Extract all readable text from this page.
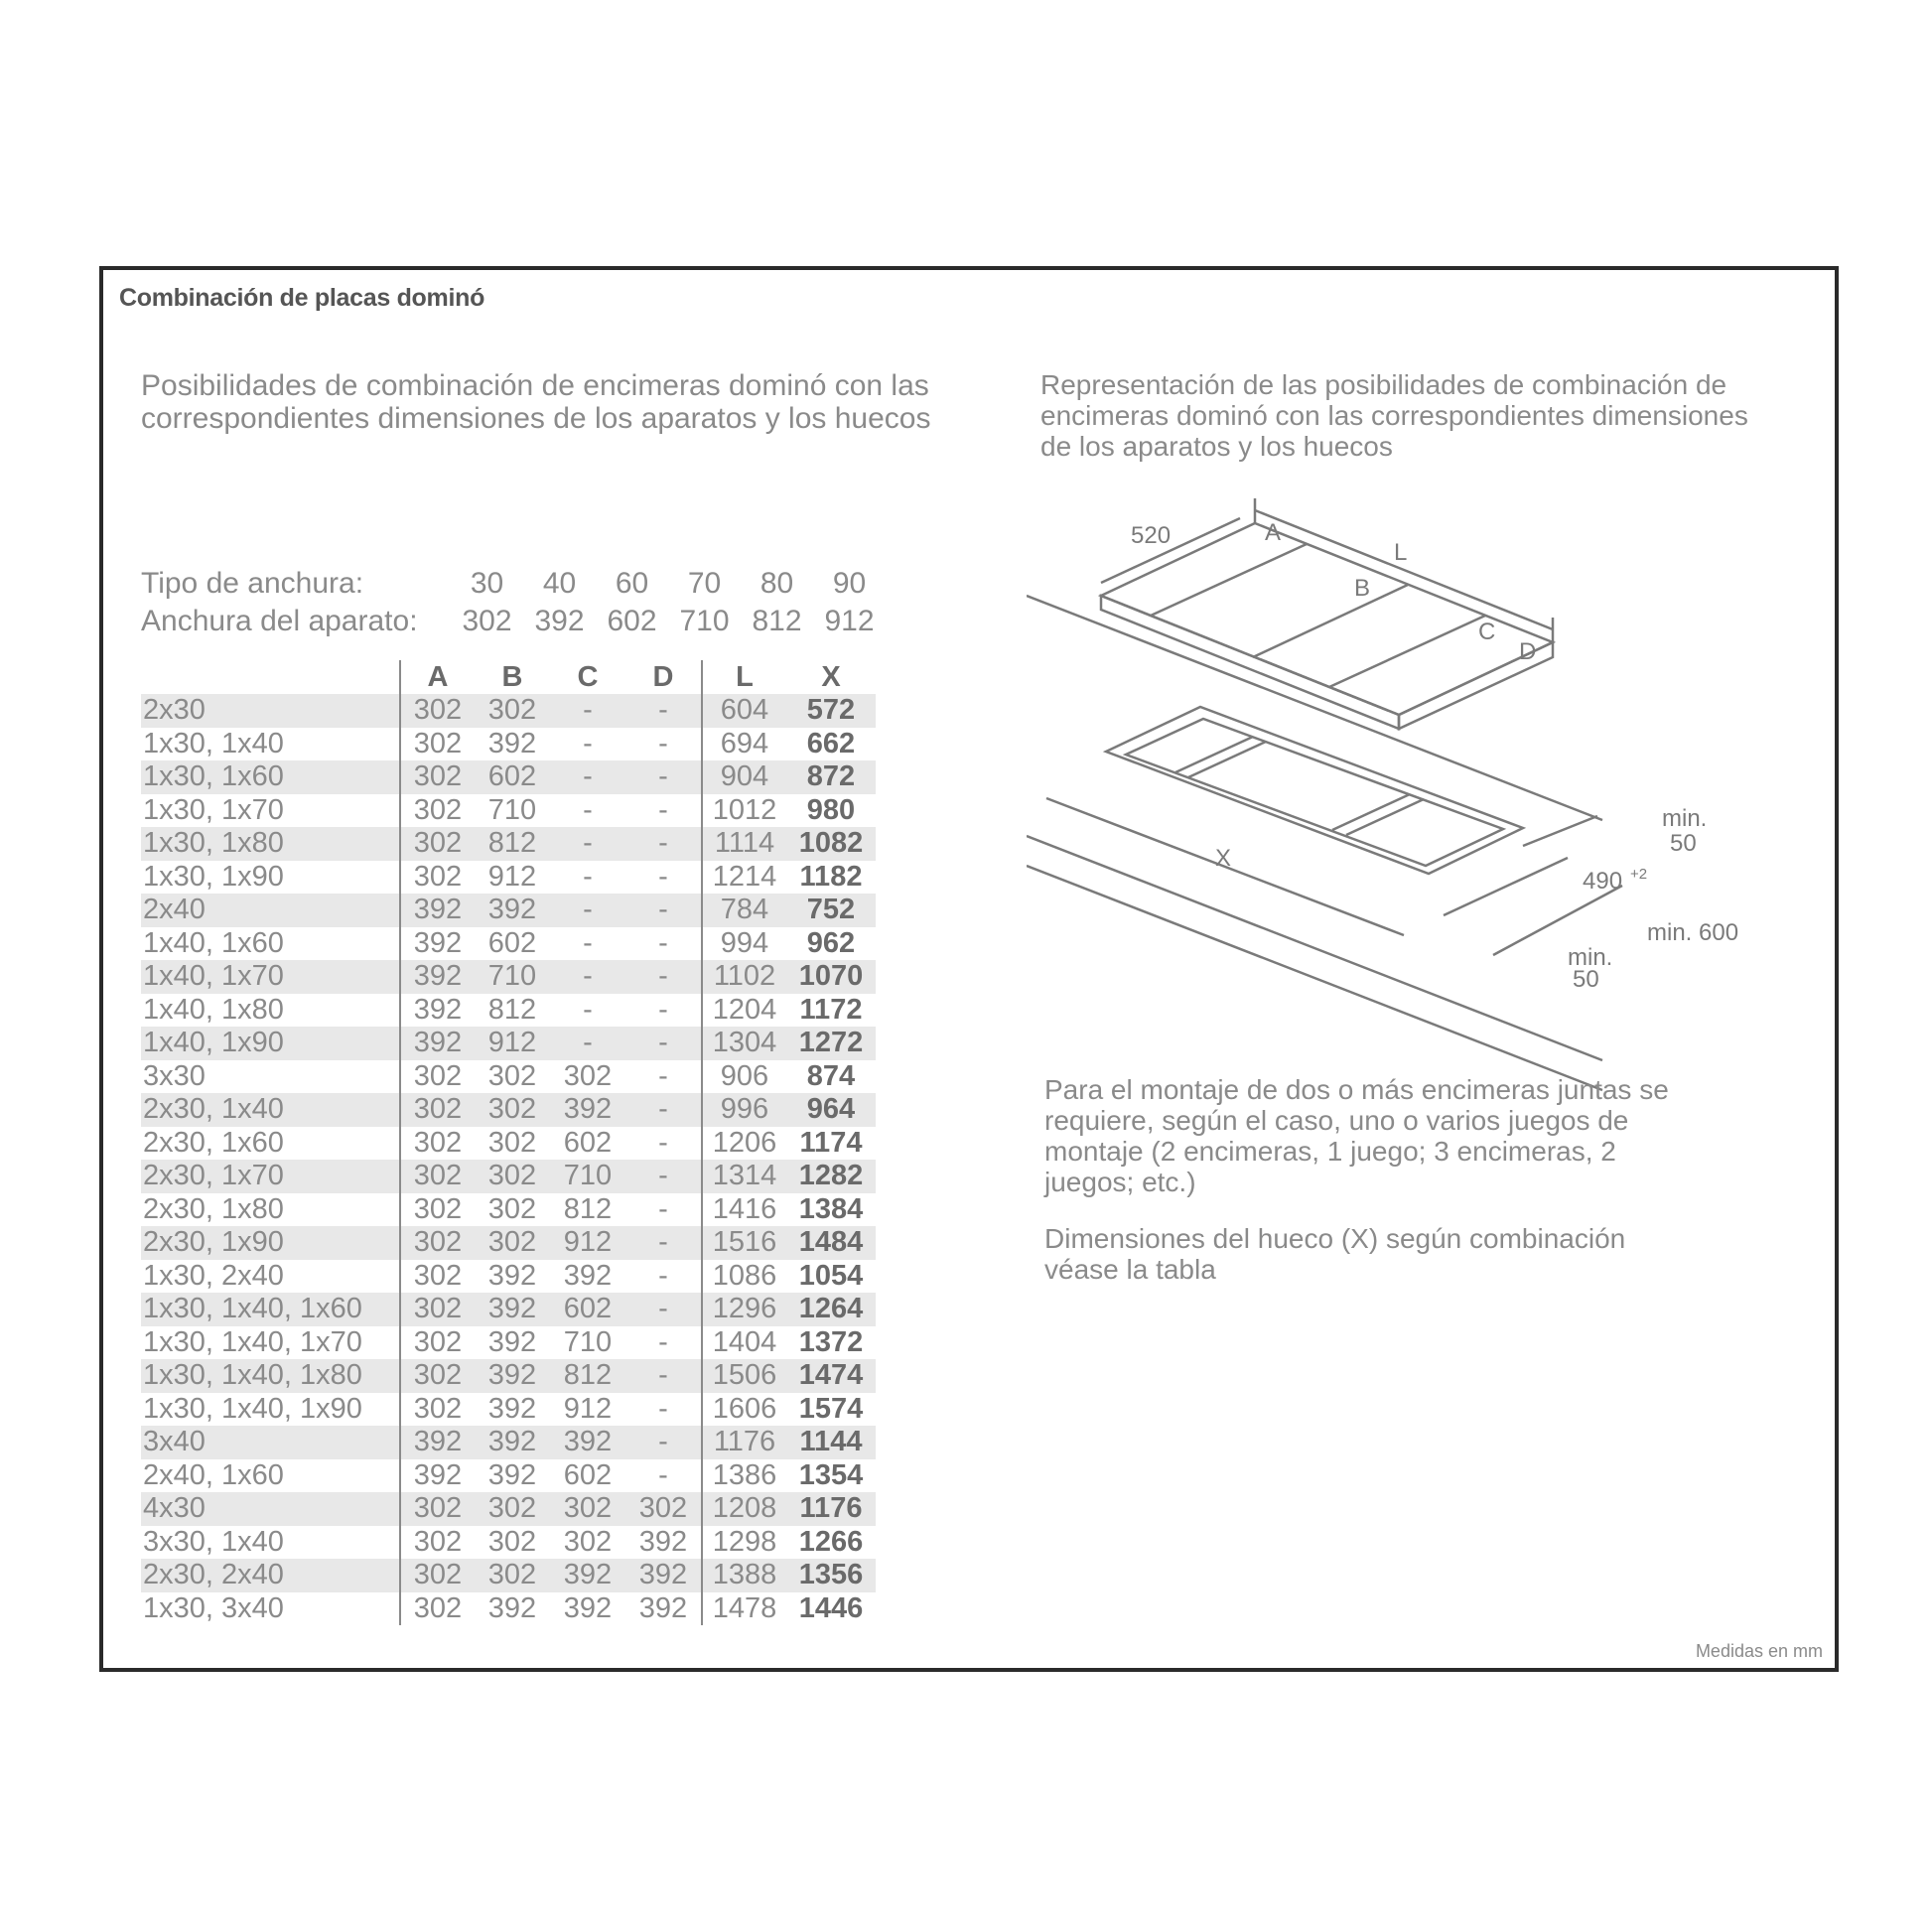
Combinación de placas dominó
Posibilidades de combinación de encimeras dominó con las correspondientes dimensiones de los aparatos y los huecos
Representación de las posibilidades de combinación de encimeras dominó con las correspondientes dimensiones de los aparatos y los huecos
Tipo de anchura:	30	40	60	70	80	90
Anchura del aparato:	302 392 602 710 812 912
	A	B	C	D	L	X
2x30	302	302	-	-	604	572
1x30, 1x40	302	392	-	-	694	662
1x30, 1x60	302	602	-	-	904	872
1x30, 1x70	302	710	-	-	1012	980
1x30, 1x80	302	812	-	-	1114	1082
1x30, 1x90	302	912	-	-	1214	1182
2x40	392	392	-	-	784	752
1x40, 1x60	392	602	-	-	994	962
1x40, 1x70	392	710	-	-	1102	1070
1x40, 1x80	392	812	-	-	1204	1172
1x40, 1x90	392	912	-	-	1304	1272
3x30	302	302	302	-	906	874
2x30, 1x40	302	302	392	-	996	964
2x30, 1x60	302	302	602	-	1206	1174
2x30, 1x70	302	302	710	-	1314	1282
2x30, 1x80	302	302	812	-	1416	1384
2x30, 1x90	302	302	912	-	1516	1484
1x30, 2x40	302	392	392	-	1086	1054
1x30, 1x40, 1x60	302	392	602	-	1296	1264
1x30, 1x40, 1x70	302	392	710	-	1404	1372
1x30, 1x40, 1x80	302	392	812	-	1506	1474
1x30, 1x40, 1x90	302	392	912	-	1606	1574
3x40	392	392	392	-	1176	1144
2x40, 1x60	392	392	602	-	1386	1354
4x30	302	302	302	302	1208	1176
3x30, 1x40	302	302	302	392	1298	1266
2x30, 2x40	302	302	392	392	1388	1356
1x30, 3x40	302	392	392	392	1478	1446
520	A
L
B
C
D
X
min.
50
490 +2
min. 600
min.
50
Para el montaje de dos o más encimeras juntas se requiere, según el caso, uno o varios juegos de montaje (2 encimeras, 1 juego; 3 encimeras, 2 juegos; etc.)
Dimensiones del hueco (X) según combinación véase la tabla
Medidas en mm
